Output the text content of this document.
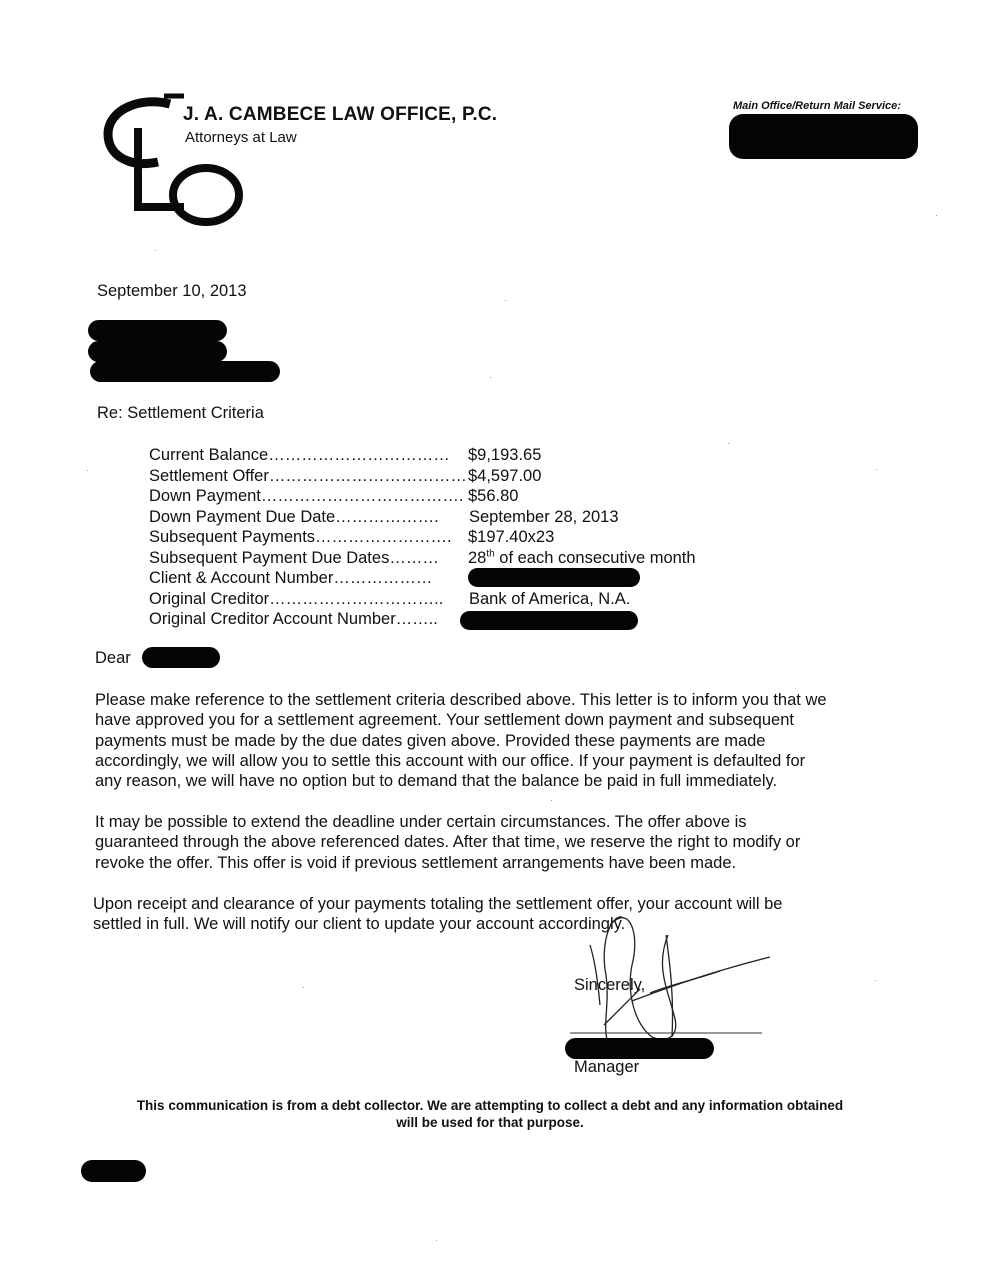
J. A. CAMBECE LAW OFFICE, P.C.
Attorneys at Law
Main Office/Return Mail Service:
September 10, 2013
Re: Settlement Criteria
Current Balance…………………………… $9,193.65
Settlement Offer……………………………… $4,597.00
Down Payment………………………………. $56.80
Down Payment Due Date………………. September 28, 2013
Subsequent Payments……………………. $197.40x23
Subsequent Payment Due Dates……… 28th of each consecutive month
Client & Account Number………………
Original Creditor………………………….. Bank of America, N.A.
Original Creditor Account Number……..
Dear
Please make reference to the settlement criteria described above. This letter is to inform you that we
have approved you for a settlement agreement. Your settlement down payment and subsequent
payments must be made by the due dates given above. Provided these payments are made
accordingly, we will allow you to settle this account with our office. If your payment is defaulted for
any reason, we will have no option but to demand that the balance be paid in full immediately.
It may be possible to extend the deadline under certain circumstances. The offer above is
guaranteed through the above referenced dates. After that time, we reserve the right to modify or
revoke the offer. This offer is void if previous settlement arrangements have been made.
Upon receipt and clearance of your payments totaling the settlement offer, your account will be
settled in full. We will notify our client to update your account accordingly.
Sincerely,
Manager
This communication is from a debt collector. We are attempting to collect a debt and any information obtained
will be used for that purpose.
